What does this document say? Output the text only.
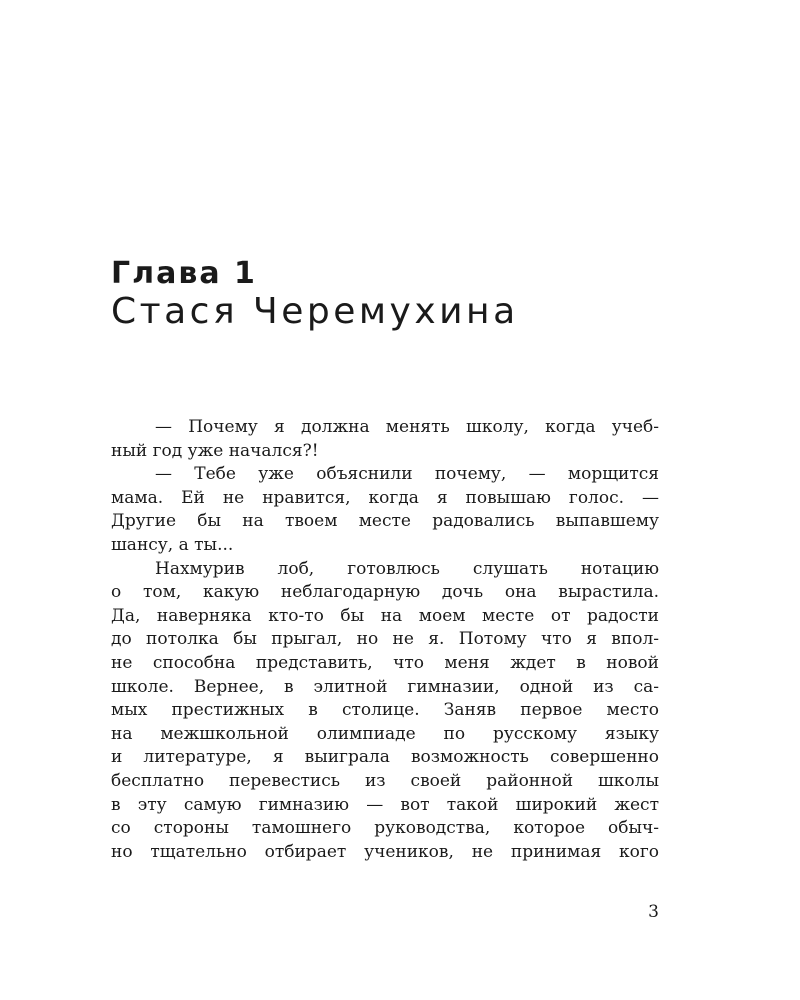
Глава 1
Стася Черемухина
— Почему я должна менять школу, когда учеб-
ный год уже начался?!
— Тебе уже объяснили почему, — морщится
мама. Ей не нравится, когда я повышаю голос. —
Другие бы на твоем месте радовались выпавшему
шансу, а ты...
Нахмурив лоб, готовлюсь слушать нотацию
о том, какую неблагодарную дочь она вырастила.
Да, наверняка кто-то бы на моем месте от радости
до потолка бы прыгал, но не я. Потому что я впол-
не способна представить, что меня ждет в новой
школе. Вернее, в элитной гимназии, одной из са-
мых престижных в столице. Заняв первое место
на межшкольной олимпиаде по русскому языку
и литературе, я выиграла возможность совершенно
бесплатно перевестись из своей районной школы
в эту самую гимназию — вот такой широкий жест
со стороны тамошнего руководства, которое обыч-
но тщательно отбирает учеников, не принимая кого
3
